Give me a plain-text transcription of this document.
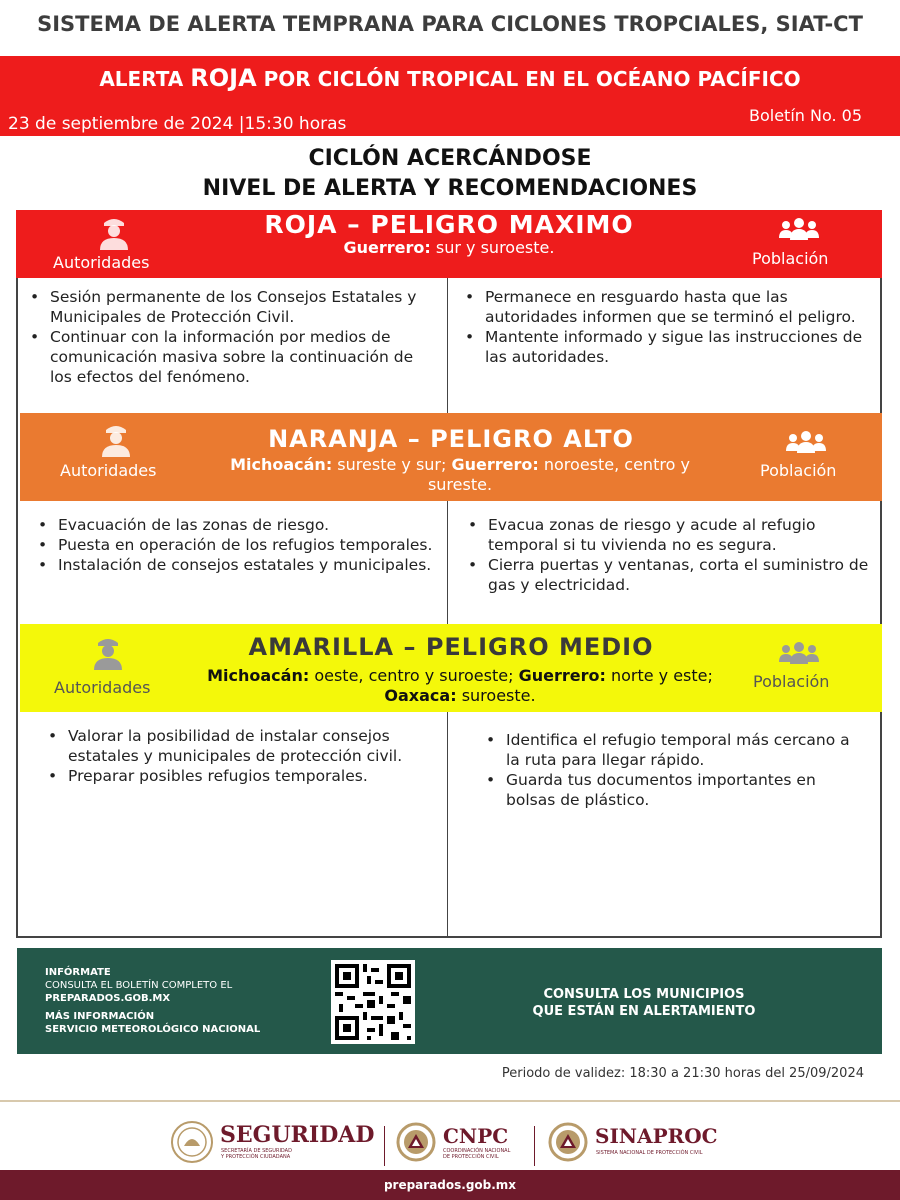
SISTEMA DE ALERTA TEMPRANA PARA CICLONES TROPCIALES, SIAT-CT
ALERTA ROJA POR CICLÓN TROPICAL EN EL OCÉANO PACÍFICO
23 de septiembre de 2024 |15:30 horas	Boletín No. 05
CICLÓN ACERCÁNDOSE
NIVEL DE ALERTA Y RECOMENDACIONES
ROJA – PELIGRO MAXIMO
Guerrero: sur y suroeste.
Autoridades	Población
• Sesión permanente de los Consejos Estatales y Municipales de Protección Civil.
• Continuar con la información por medios de comunicación masiva sobre la continuación de los efectos del fenómeno.
• Permanece en resguardo hasta que las autoridades informen que se terminó el peligro.
• Mantente informado y sigue las instrucciones de las autoridades.
NARANJA – PELIGRO ALTO
Michoacán: sureste y sur; Guerrero: noroeste, centro y sureste.
Autoridades	Población
• Evacuación de las zonas de riesgo.
• Puesta en operación de los refugios temporales.
• Instalación de consejos estatales y municipales.
• Evacua zonas de riesgo y acude al refugio temporal si tu vivienda no es segura.
• Cierra puertas y ventanas, corta el suministro de gas y electricidad.
AMARILLA – PELIGRO MEDIO
Michoacán: oeste, centro y suroeste; Guerrero: norte y este; Oaxaca: suroeste.
Autoridades	Población
• Valorar la posibilidad de instalar consejos estatales y municipales de protección civil.
• Preparar posibles refugios temporales.
• Identifica el refugio temporal más cercano a la ruta para llegar rápido.
• Guarda tus documentos importantes en bolsas de plástico.
INFÓRMATE
CONSULTA EL BOLETÍN COMPLETO EL
PREPARADOS.GOB.MX
MÁS INFORMACIÓN
SERVICIO METEOROLÓGICO NACIONAL
CONSULTA LOS MUNICIPIOS
QUE ESTÁN EN ALERTAMIENTO
Periodo de validez: 18:30 a 21:30 horas del 25/09/2024
SEGURIDAD
SECRETARÍA DE SEGURIDAD
Y PROTECCIÓN CIUDADANA
CNPC
COORDINACIÓN NACIONAL
DE PROTECCIÓN CIVIL
SINAPROC
SISTEMA NACIONAL DE PROTECCIÓN CIVIL
preparados.gob.mx
